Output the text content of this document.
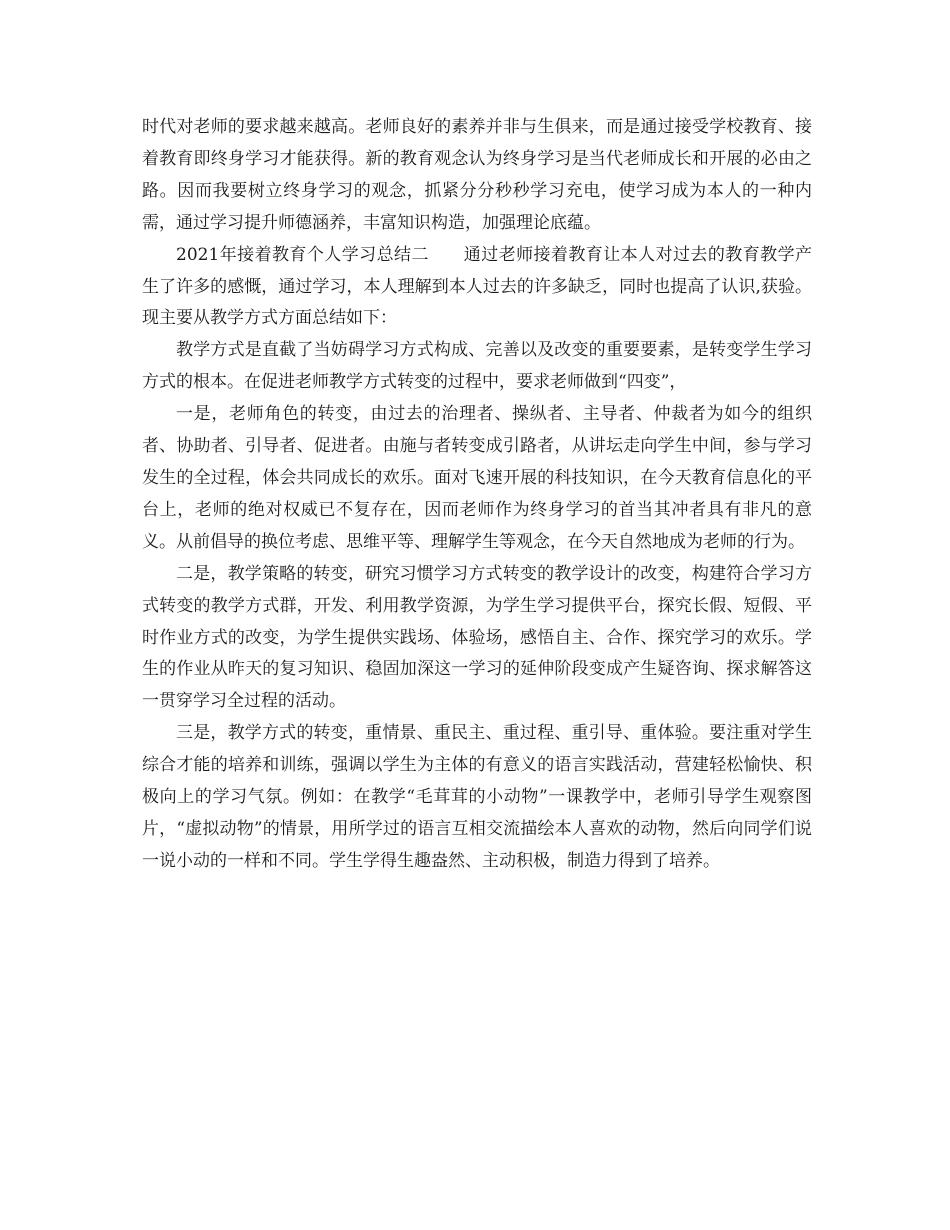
时代对老师的要求越来越高。老师良好的素养并非与生俱来，而是通过接受学校教育、接着教育即终身学习才能获得。新的教育观念认为终身学习是当代老师成长和开展的必由之路。因而我要树立终身学习的观念，抓紧分分秒秒学习充电，使学习成为本人的一种内需，通过学习提升师德涵养，丰富知识构造，加强理论底蕴。

2021年接着教育个人学习总结二　　通过老师接着教育让本人对过去的教育教学产生了许多的感慨，通过学习，本人理解到本人过去的许多缺乏，同时也提高了认识,获验。现主要从教学方式方面总结如下：

教学方式是直截了当妨碍学习方式构成、完善以及改变的重要要素，是转变学生学习方式的根本。在促进老师教学方式转变的过程中，要求老师做到“四变”，

一是，老师角色的转变，由过去的治理者、操纵者、主导者、仲裁者为如今的组织者、协助者、引导者、促进者。由施与者转变成引路者，从讲坛走向学生中间，参与学习发生的全过程，体会共同成长的欢乐。面对飞速开展的科技知识，在今天教育信息化的平台上，老师的绝对权威已不复存在，因而老师作为终身学习的首当其冲者具有非凡的意义。从前倡导的换位考虑、思维平等、理解学生等观念，在今天自然地成为老师的行为。

二是，教学策略的转变，研究习惯学习方式转变的教学设计的改变，构建符合学习方式转变的教学方式群，开发、利用教学资源，为学生学习提供平台，探究长假、短假、平时作业方式的改变，为学生提供实践场、体验场，感悟自主、合作、探究学习的欢乐。学生的作业从昨天的复习知识、稳固加深这一学习的延伸阶段变成产生疑咨询、探求解答这一贯穿学习全过程的活动。

三是，教学方式的转变，重情景、重民主、重过程、重引导、重体验。要注重对学生综合才能的培养和训练，强调以学生为主体的有意义的语言实践活动，营建轻松愉快、积极向上的学习气氛。例如：在教学“毛茸茸的小动物”一课教学中，老师引导学生观察图片，“虚拟动物”的情景，用所学过的语言互相交流描绘本人喜欢的动物，然后向同学们说一说小动的一样和不同。学生学得生趣盎然、主动积极，制造力得到了培养。
